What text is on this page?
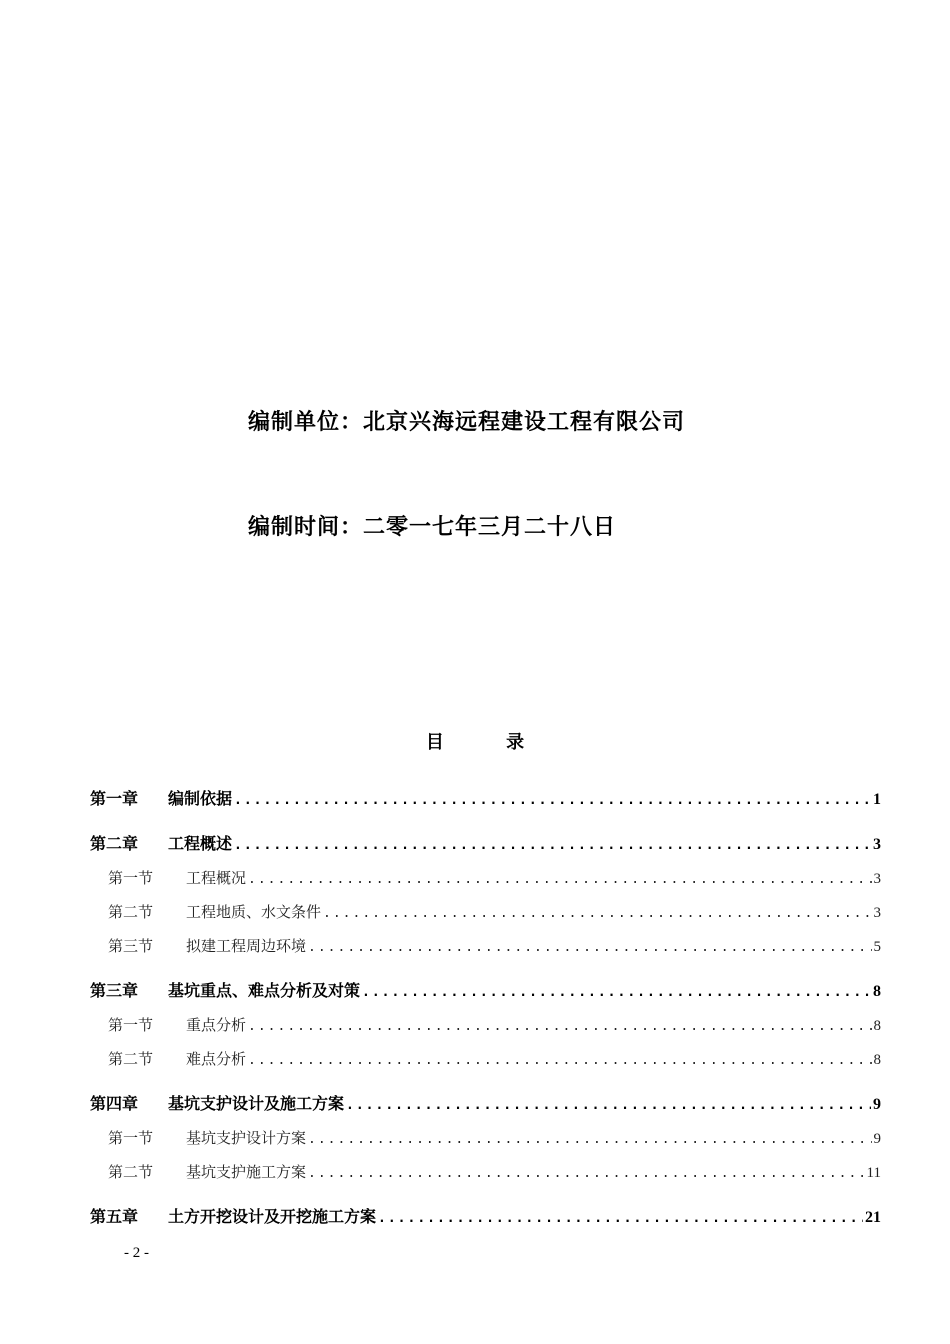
编制单位：北京兴海远程建设工程有限公司
编制时间：二零一七年三月二十八日
目	录
第一章 编制依据 .....	1
第二章 工程概述 .....	3
第一节 工程概况 .....	3
第二节 工程地质、水文条件 .....	3
第三节 拟建工程周边环境 .....	5
第三章 基坑重点、难点分析及对策 .....	8
第一节 重点分析 .....	8
第二节 难点分析 .....	8
第四章 基坑支护设计及施工方案 .....	9
第一节 基坑支护设计方案 .....	9
第二节 基坑支护施工方案 .....	11
第五章 土方开挖设计及开挖施工方案 .....	21
- 2 -
